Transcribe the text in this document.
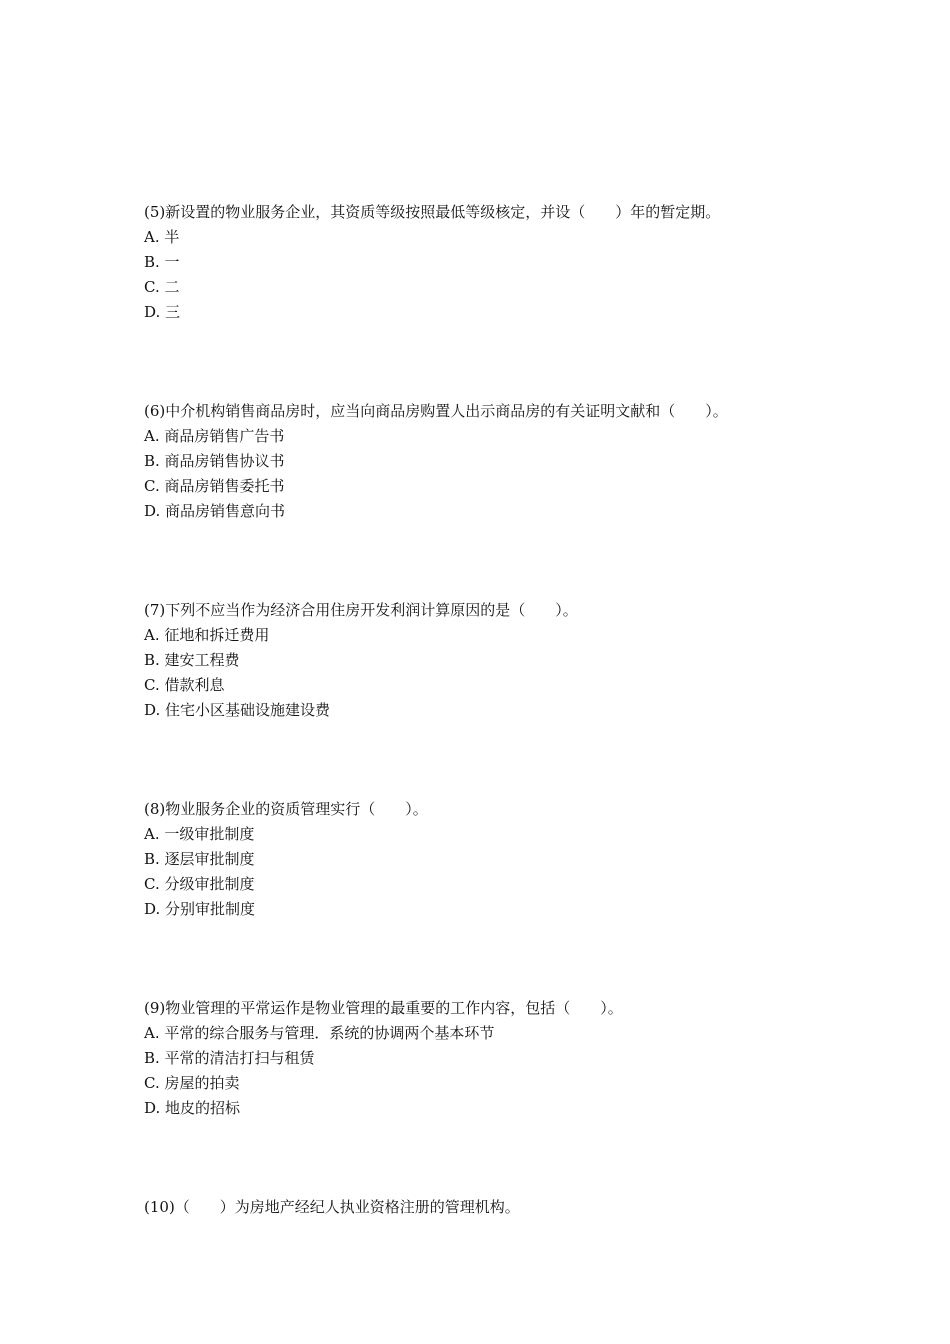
(5)新设置的物业服务企业，其资质等级按照最低等级核定，并设（　　）年的暂定期。
A. 半
B. 一
C. 二
D. 三
(6)中介机构销售商品房时，应当向商品房购置人出示商品房的有关证明文献和（　　）。
A. 商品房销售广告书
B. 商品房销售协议书
C. 商品房销售委托书
D. 商品房销售意向书
(7)下列不应当作为经济合用住房开发利润计算原因的是（　　）。
A. 征地和拆迁费用
B. 建安工程费
C. 借款利息
D. 住宅小区基础设施建设费
(8)物业服务企业的资质管理实行（　　）。
A. 一级审批制度
B. 逐层审批制度
C. 分级审批制度
D. 分别审批制度
(9)物业管理的平常运作是物业管理的最重要的工作内容，包括（　　）。
A. 平常的综合服务与管理．系统的协调两个基本环节
B. 平常的清洁打扫与租赁
C. 房屋的拍卖
D. 地皮的招标
(10)（　　）为房地产经纪人执业资格注册的管理机构。
